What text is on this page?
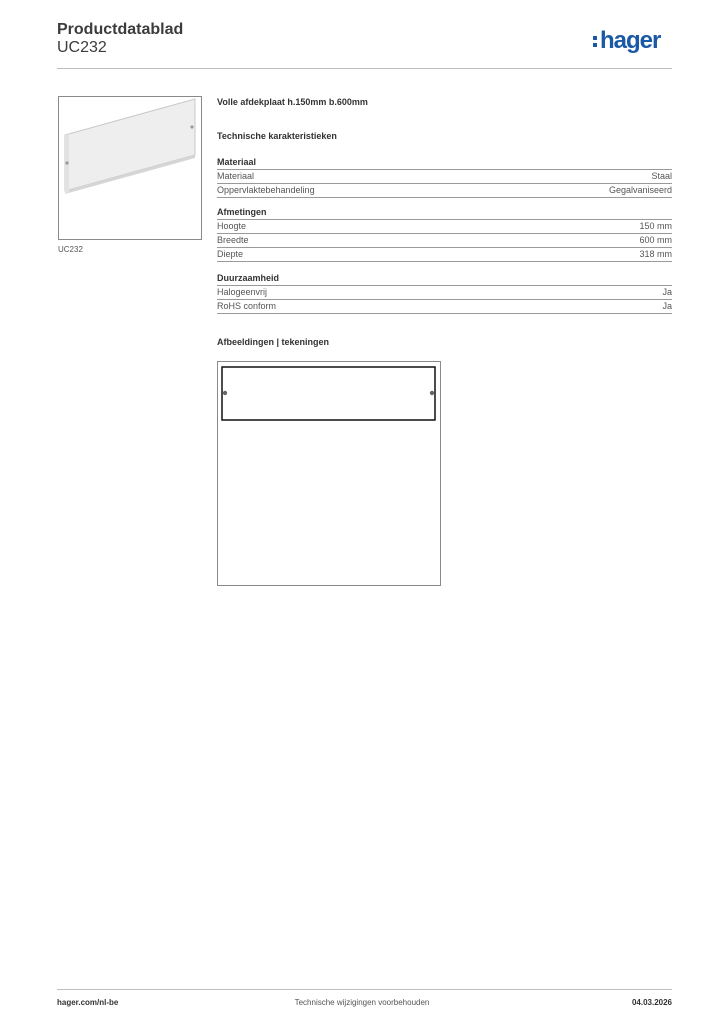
Productdatablad
UC232	hager
UC232
Volle afdekplaat h.150mm b.600mm
Technische karakteristieken
Materiaal
Materiaal	Staal
Oppervlaktebehandeling	Gegalvaniseerd
Afmetingen
Hoogte	150 mm
Breedte	600 mm
Diepte	318 mm
Duurzaamheid
Halogeenvrij	Ja
RoHS conform	Ja
Afbeeldingen | tekeningen
hager.com/nl-be	Technische wijzigingen voorbehouden	04.03.2026
